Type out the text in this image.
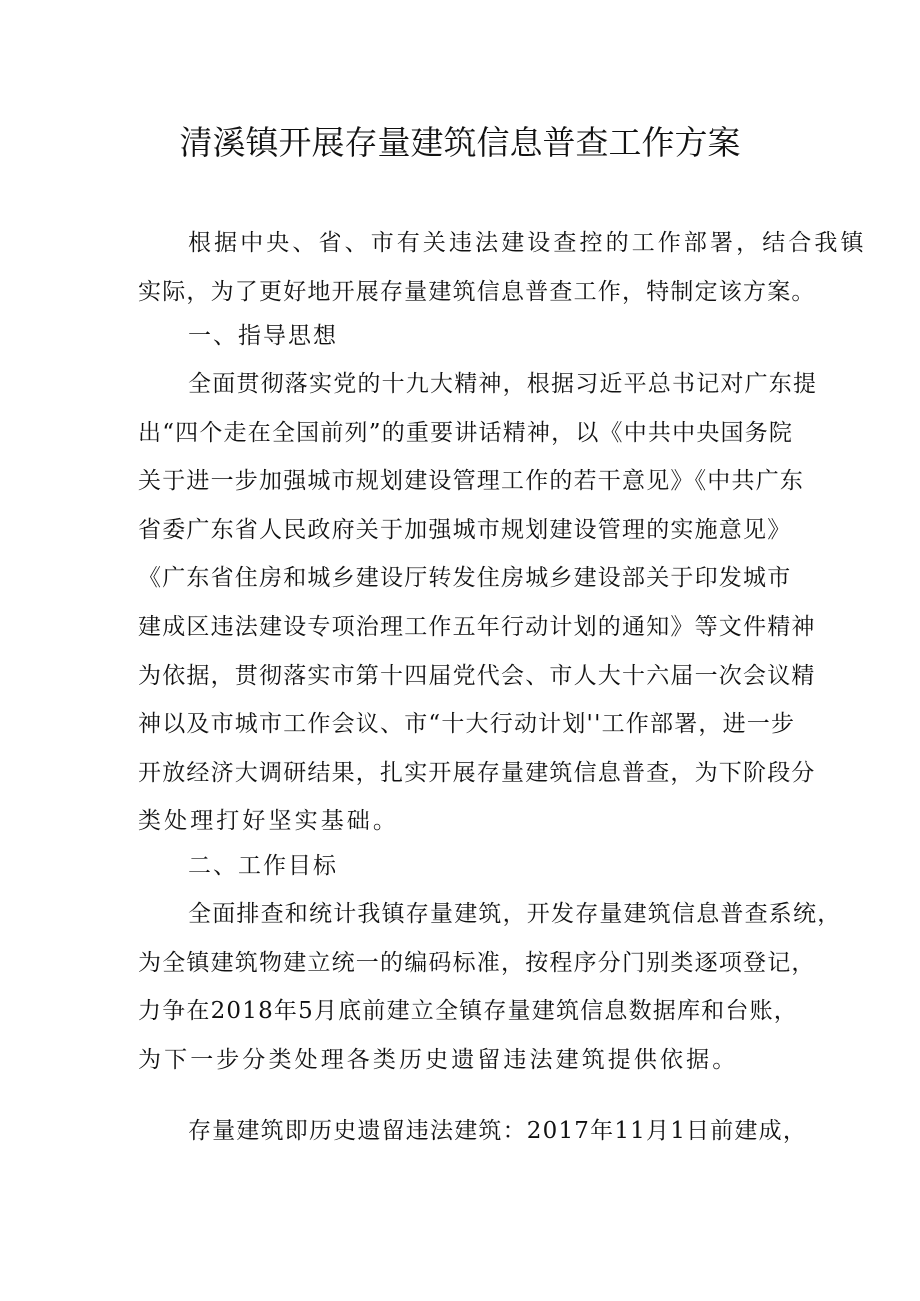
清溪镇开展存量建筑信息普查工作方案

根据中央、省、市有关违法建设查控的工作部署，结合我镇
实际，为了更好地开展存量建筑信息普查工作，特制定该方案。

一、指导思想

全面贯彻落实党的十九大精神，根据习近平总书记对广东提
出“四个走在全国前列”的重要讲话精神，以《中共中央国务院
关于进一步加强城市规划建设管理工作的若干意见》《中共广东
省委广东省人民政府关于加强城市规划建设管理的实施意见》
《广东省住房和城乡建设厅转发住房城乡建设部关于印发城市
建成区违法建设专项治理工作五年行动计划的通知》等文件精神
为依据，贯彻落实市第十四届党代会、市人大十六届一次会议精
神以及市城市工作会议、市“十大行动计划''工作部署，进一步
开放经济大调研结果，扎实开展存量建筑信息普查，为下阶段分
类处理打好坚实基础。

二、工作目标

全面排查和统计我镇存量建筑，开发存量建筑信息普查系统，
为全镇建筑物建立统一的编码标准，按程序分门别类逐项登记，
力争在2018年5月底前建立全镇存量建筑信息数据库和台账，
为下一步分类处理各类历史遗留违法建筑提供依据。

存量建筑即历史遗留违法建筑：2017年11月1日前建成，
